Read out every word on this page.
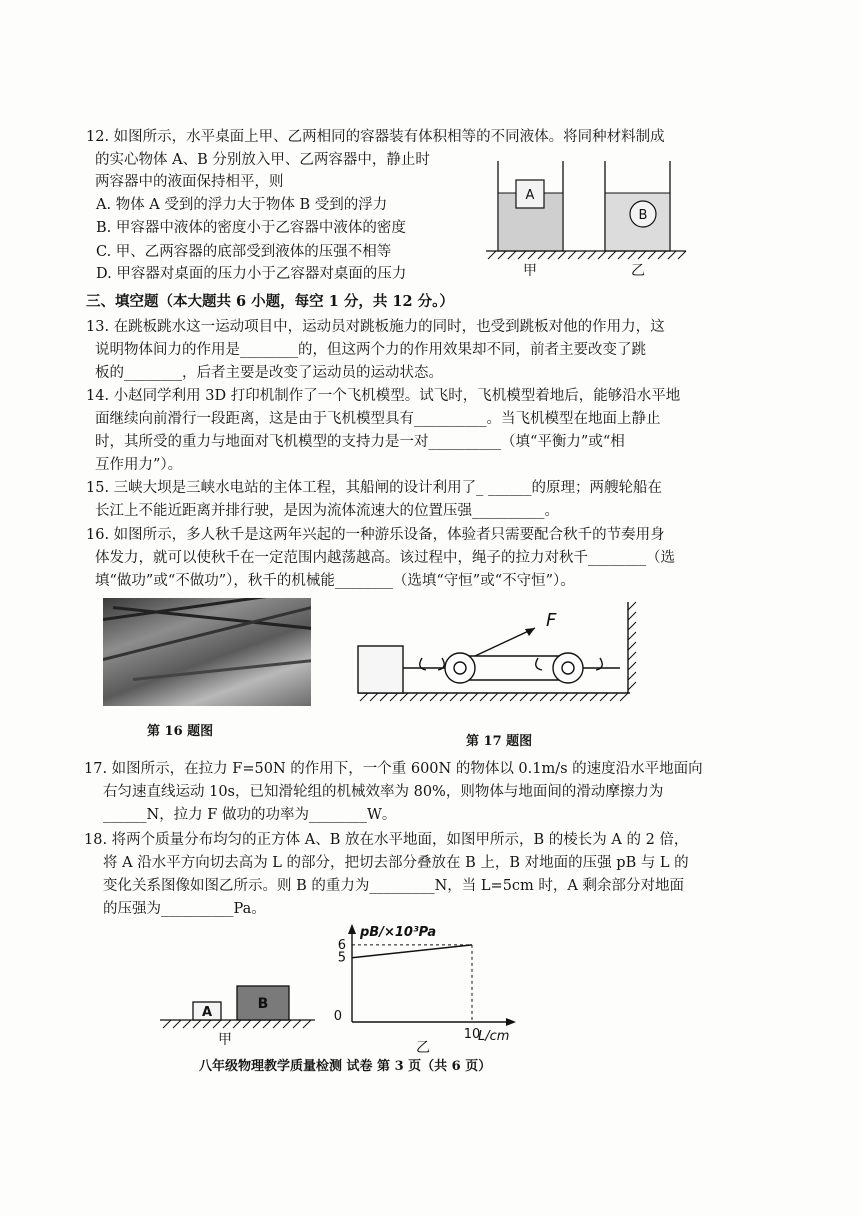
12. 如图所示，水平桌面上甲、乙两相同的容器装有体积相等的不同液体。将同种材料制成
的实心物体 A、B 分别放入甲、乙两容器中，静止时
两容器中的液面保持相平，则
A. 物体 A 受到的浮力大于物体 B 受到的浮力
B. 甲容器中液体的密度小于乙容器中液体的密度
C. 甲、乙两容器的底部受到液体的压强不相等
D. 甲容器对桌面的压力小于乙容器对桌面的压力
A
B
甲	乙
三、填空题（本大题共 6 小题，每空 1 分，共 12 分。）
13. 在跳板跳水这一运动项目中，运动员对跳板施力的同时，也受到跳板对他的作用力，这
说明物体间力的作用是________的，但这两个力的作用效果却不同，前者主要改变了跳
板的________，后者主要是改变了运动员的运动状态。
14. 小赵同学利用 3D 打印机制作了一个飞机模型。试飞时，飞机模型着地后，能够沿水平地
面继续向前滑行一段距离，这是由于飞机模型具有__________。当飞机模型在地面上静止
时，其所受的重力与地面对飞机模型的支持力是一对__________（填“平衡力”或“相
互作用力”）。
15. 三峡大坝是三峡水电站的主体工程，其船闸的设计利用了_ ______的原理；两艘轮船在
长江上不能近距离并排行驶，是因为流体流速大的位置压强__________。
16. 如图所示，多人秋千是这两年兴起的一种游乐设备，体验者只需要配合秋千的节奏用身
体发力，就可以使秋千在一定范围内越荡越高。该过程中，绳子的拉力对秋千________（选
填“做功”或“不做功”），秋千的机械能________（选填“守恒”或“不守恒”）。
第 16 题图
F
第 17 题图
17. 如图所示，在拉力 F=50N 的作用下，一个重 600N 的物体以 0.1m/s 的速度沿水平地面向
右匀速直线运动 10s，已知滑轮组的机械效率为 80%，则物体与地面间的滑动摩擦力为
______N，拉力 F 做功的功率为________W。
18. 将两个质量分布均匀的正方体 A、B 放在水平地面，如图甲所示，B 的棱长为 A 的 2 倍，
将 A 沿水平方向切去高为 L 的部分，把切去部分叠放在 B 上，B 对地面的压强 pB 与 L 的
变化关系图像如图乙所示。则 B 的重力为_________N，当 L=5cm 时，A 剩余部分对地面
的压强为__________Pa。
A
B
甲
pB/×10³Pa
L/cm
0
6
5
10
乙
八年级物理教学质量检测 试卷 第 3 页（共 6 页）
